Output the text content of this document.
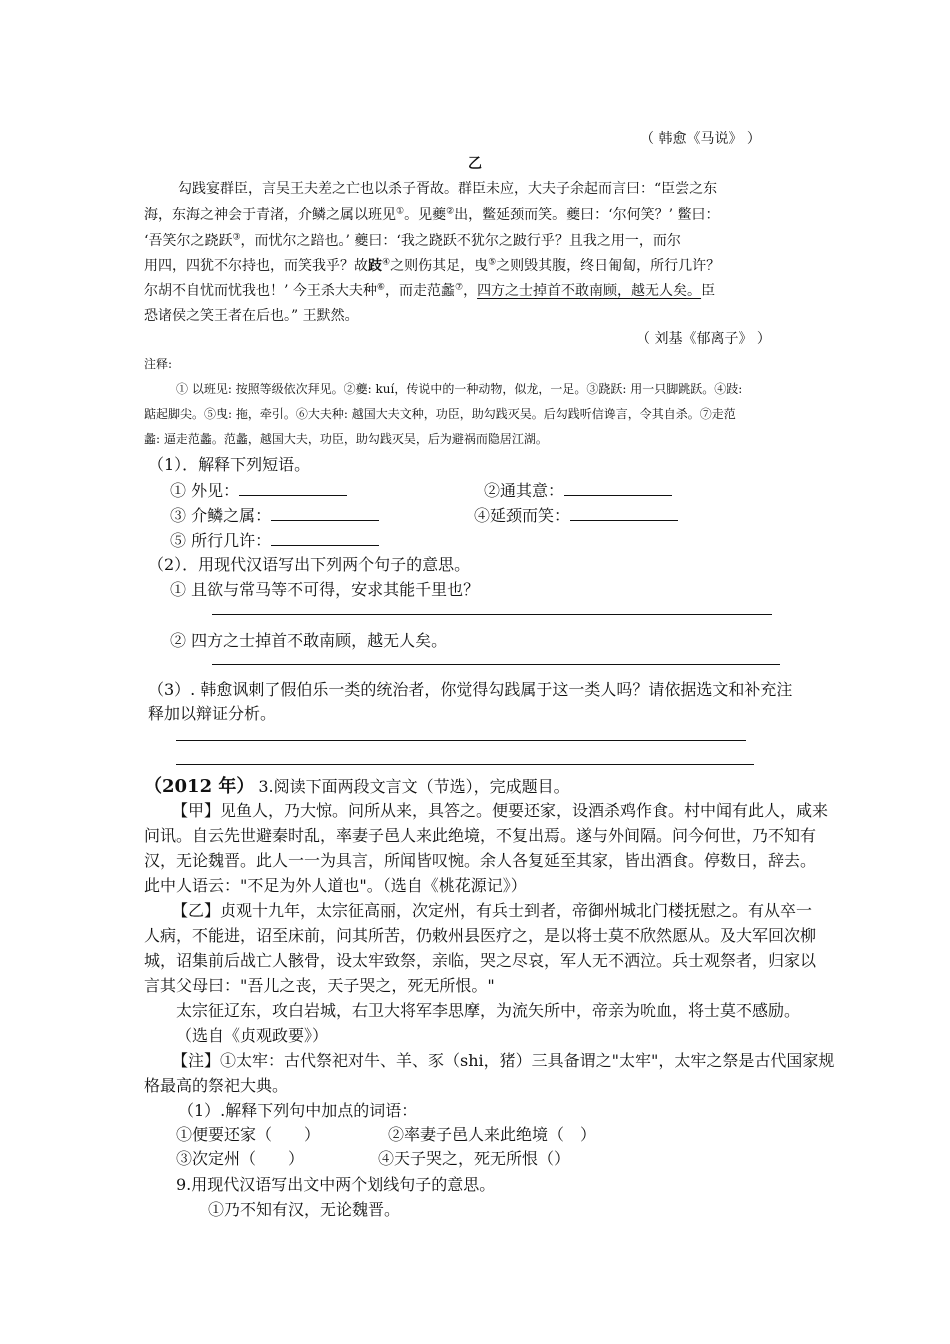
（ 韩愈《马说》 ）
乙
勾践宴群臣，言吴王夫差之亡也以杀子胥故。群臣未应，大夫子余起而言曰：“臣尝之东
海，东海之神会于青渚，介鳞之属以班见①。见夔②出，鳖延颈而笑。夔曰：‘尔何笑？’ 鳖曰：
‘吾笑尔之跷跃③，而忧尔之踣也。’ 夔曰：‘我之跷跃不犹尔之跛行乎？且我之用一，而尔
用四，四犹不尔持也，而笑我乎？故跂④之则伤其足，曳⑤之则毁其腹，终日匍匐，所行几许？
尔胡不自忧而忧我也！’ 今王杀大夫种⑥，而走范蠡⑦，四方之士掉首不敢南顾，越无人矣。臣
恐诸侯之笑王者在后也。” 王默然。
（ 刘基《郁离子》 ）
注释:
① 以班见: 按照等级依次拜见。②夔: kuí，传说中的一种动物，似龙，一足。③跷跃: 用一只脚跳跃。④跂:
踮起脚尖。⑤曳: 拖，牵引。⑥大夫种: 越国大夫文种，功臣，助勾践灭吴。后勾践听信谗言，令其自杀。⑦走范
蠡: 逼走范蠡。范蠡，越国大夫，功臣，助勾践灭吴，后为避祸而隐居江湖。
（1）．解释下列短语。
① 外见：	②通其意：
③ 介鳞之属：	④延颈而笑：
⑤ 所行几许：
（2）．用现代汉语写出下列两个句子的意思。
① 且欲与常马等不可得，安求其能千里也？
② 四方之士掉首不敢南顾，越无人矣。
（3）. 韩愈讽刺了假伯乐一类的统治者，你觉得勾践属于这一类人吗？请依据选文和补充注
释加以辩证分析。
（2012 年） 3.阅读下面两段文言文（节选），完成题目。
【甲】见鱼人，乃大惊。问所从来，具答之。便要还家，设酒杀鸡作食。村中闻有此人，咸来
问讯。自云先世避秦时乱，率妻子邑人来此绝境，不复出焉。遂与外间隔。问今何世，乃不知有
汉，无论魏晋。此人一一为具言，所闻皆叹惋。余人各复延至其家，皆出酒食。停数日，辞去。
此中人语云："不足为外人道也"。（选自《桃花源记》）
【乙】贞观十九年，太宗征高丽，次定州，有兵士到者，帝御州城北门楼抚慰之。有从卒一
人病，不能进，诏至床前，问其所苦，仍敕州县医疗之，是以将士莫不欣然愿从。及大军回次柳
城，诏集前后战亡人骸骨，设太牢致祭，亲临，哭之尽哀，军人无不洒泣。兵士观祭者，归家以
言其父母曰："吾儿之丧，天子哭之，死无所恨。"
太宗征辽东，攻白岩城，右卫大将军李思摩，为流矢所中，帝亲为吮血，将士莫不感励。
（选自《贞观政要》）
【注】①太牢：古代祭祀对牛、羊、豕（shi，猪）三具备谓之"太牢"，太牢之祭是古代国家规
格最高的祭祀大典。
（1）.解释下列句中加点的词语：
①便要还家（　　）	②率妻子邑人来此绝境（　）
③次定州（　　）	④天子哭之，死无所恨（）
9.用现代汉语写出文中两个划线句子的意思。
①乃不知有汉，无论魏晋。
